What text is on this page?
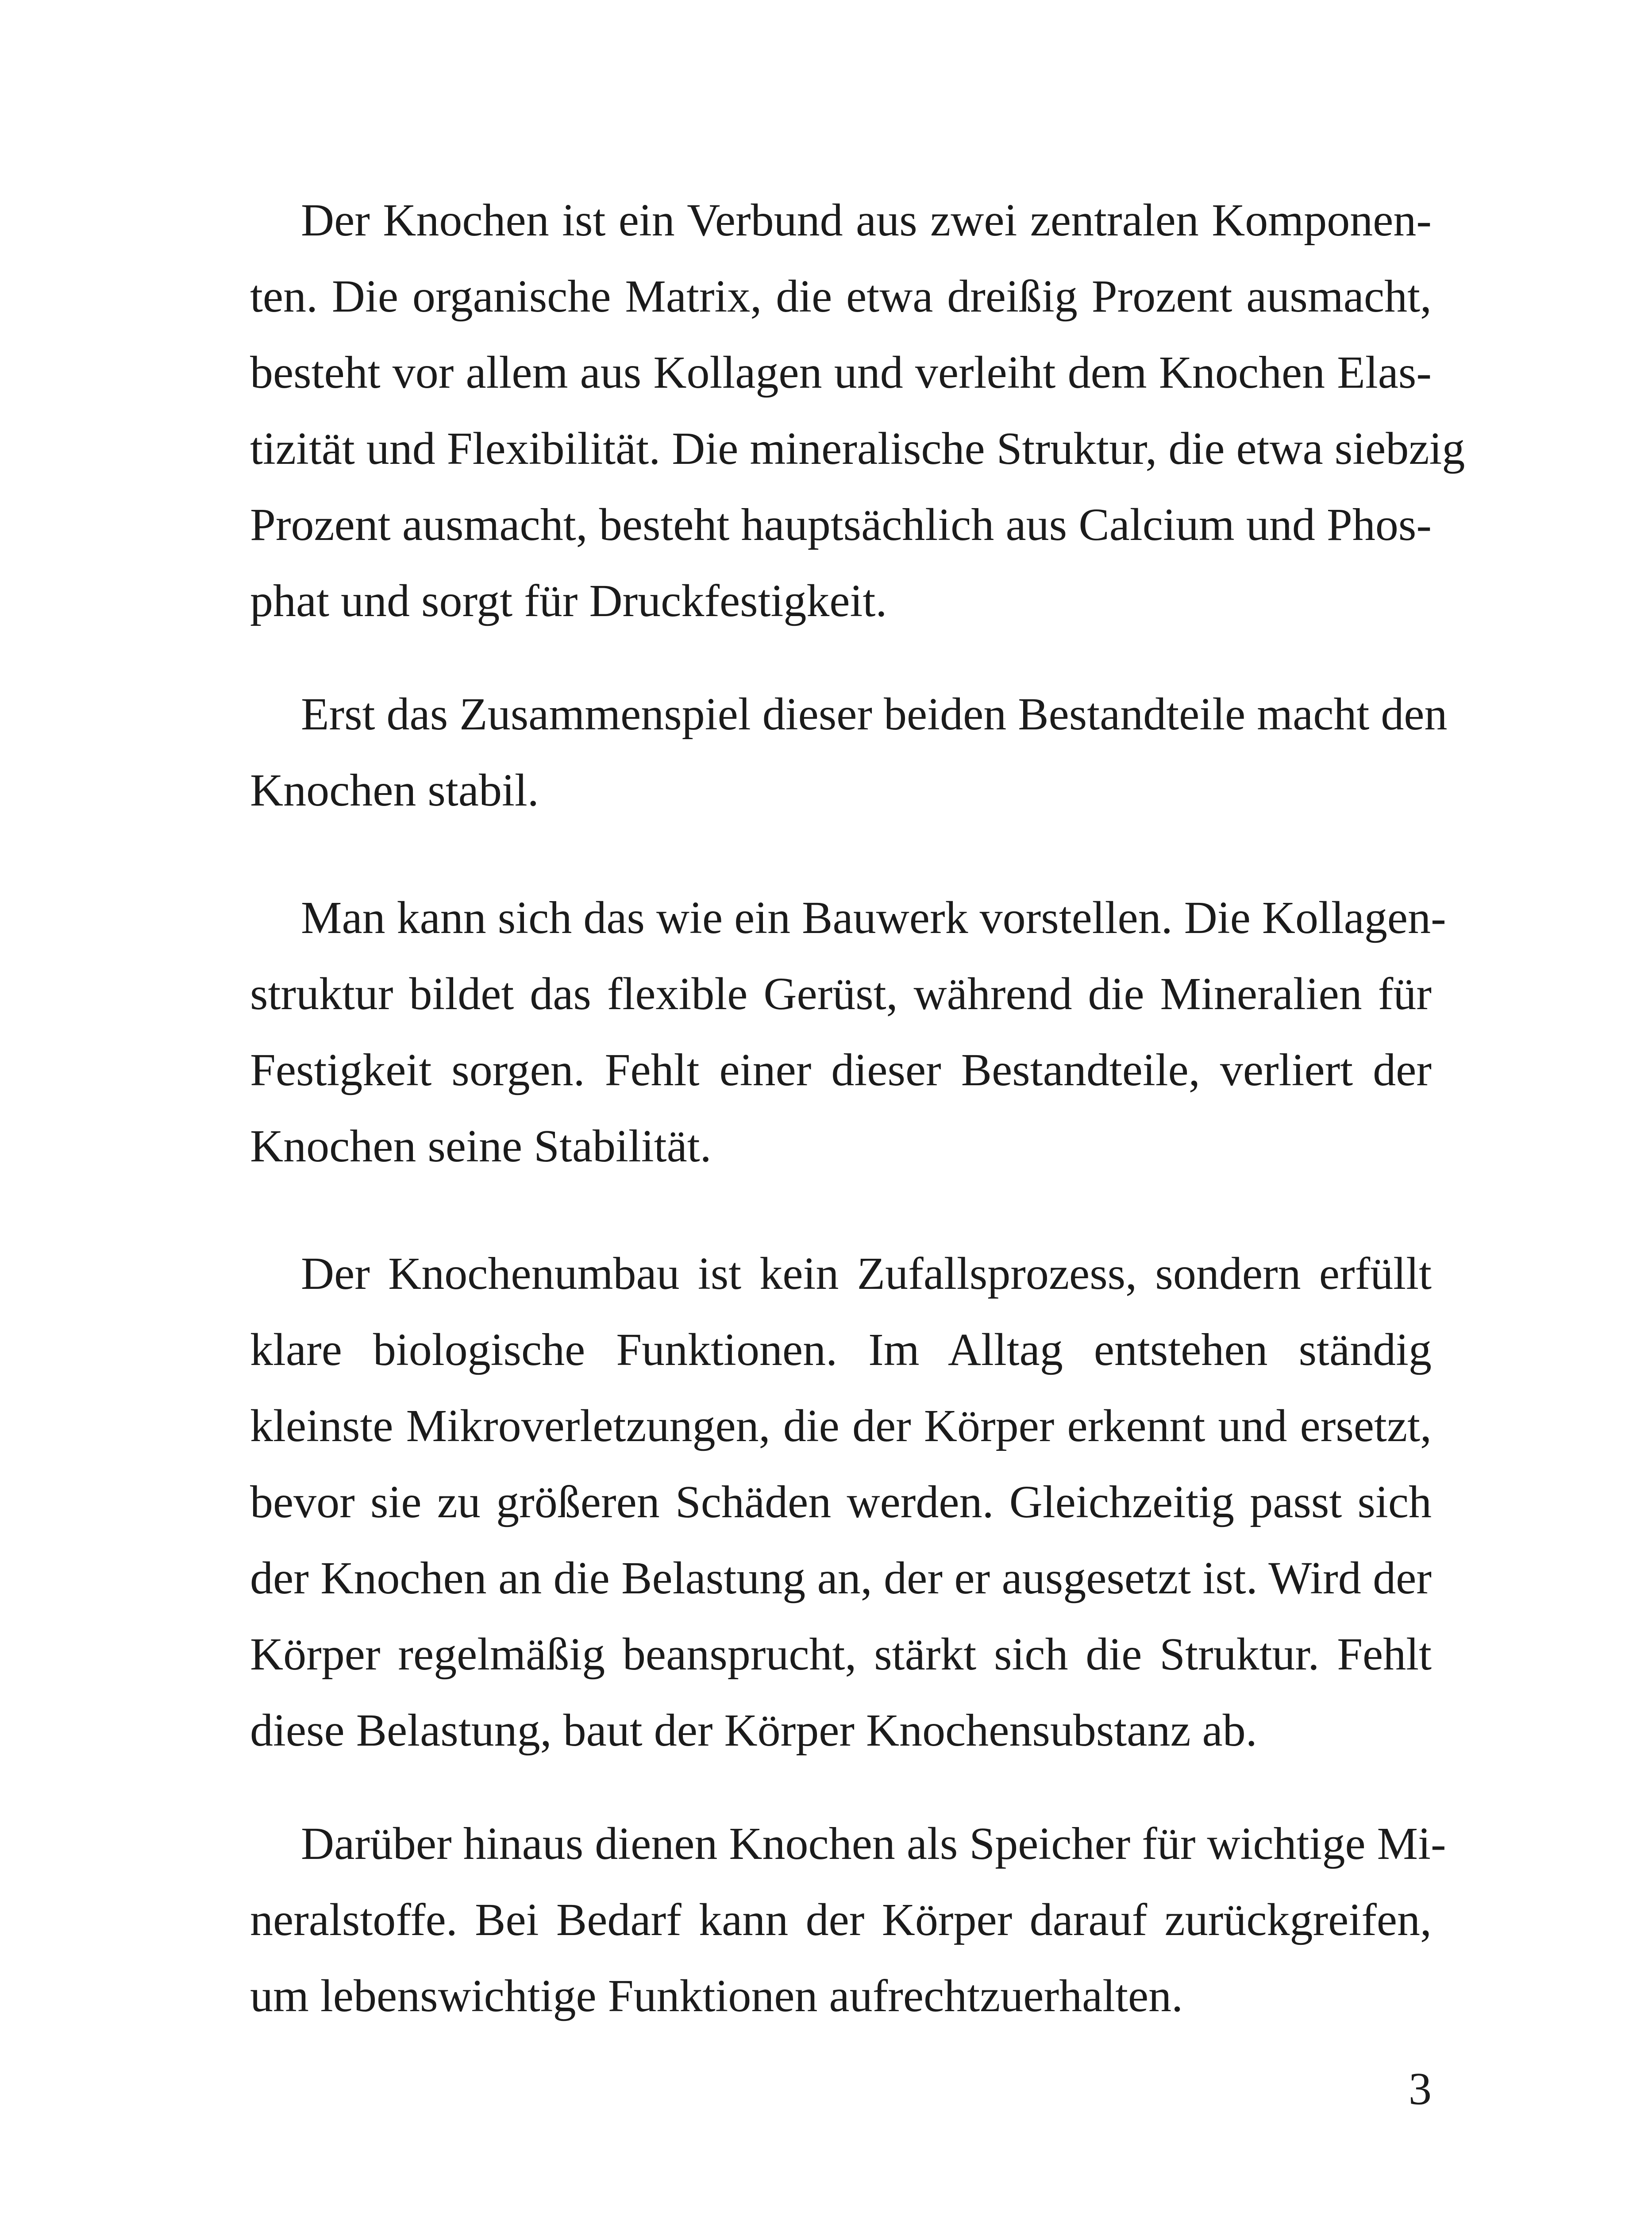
Der Knochen ist ein Verbund aus zwei zentralen Komponen-
ten. Die organische Matrix, die etwa dreißig Prozent ausmacht,
besteht vor allem aus Kollagen und verleiht dem Knochen Elas-
tizität und Flexibilität. Die mineralische Struktur, die etwa siebzig
Prozent ausmacht, besteht hauptsächlich aus Calcium und Phos-
phat und sorgt für Druckfestigkeit.
Erst das Zusammenspiel dieser beiden Bestandteile macht den
Knochen stabil.
Man kann sich das wie ein Bauwerk vorstellen. Die Kollagen-
struktur bildet das flexible Gerüst, während die Mineralien für
Festigkeit sorgen. Fehlt einer dieser Bestandteile, verliert der
Knochen seine Stabilität.
Der Knochenumbau ist kein Zufallsprozess, sondern erfüllt
klare biologische Funktionen. Im Alltag entstehen ständig
kleinste Mikroverletzungen, die der Körper erkennt und ersetzt,
bevor sie zu größeren Schäden werden. Gleichzeitig passt sich
der Knochen an die Belastung an, der er ausgesetzt ist. Wird der
Körper regelmäßig beansprucht, stärkt sich die Struktur. Fehlt
diese Belastung, baut der Körper Knochensubstanz ab.
Darüber hinaus dienen Knochen als Speicher für wichtige Mi-
neralstoffe. Bei Bedarf kann der Körper darauf zurückgreifen,
um lebenswichtige Funktionen aufrechtzuerhalten.
3
